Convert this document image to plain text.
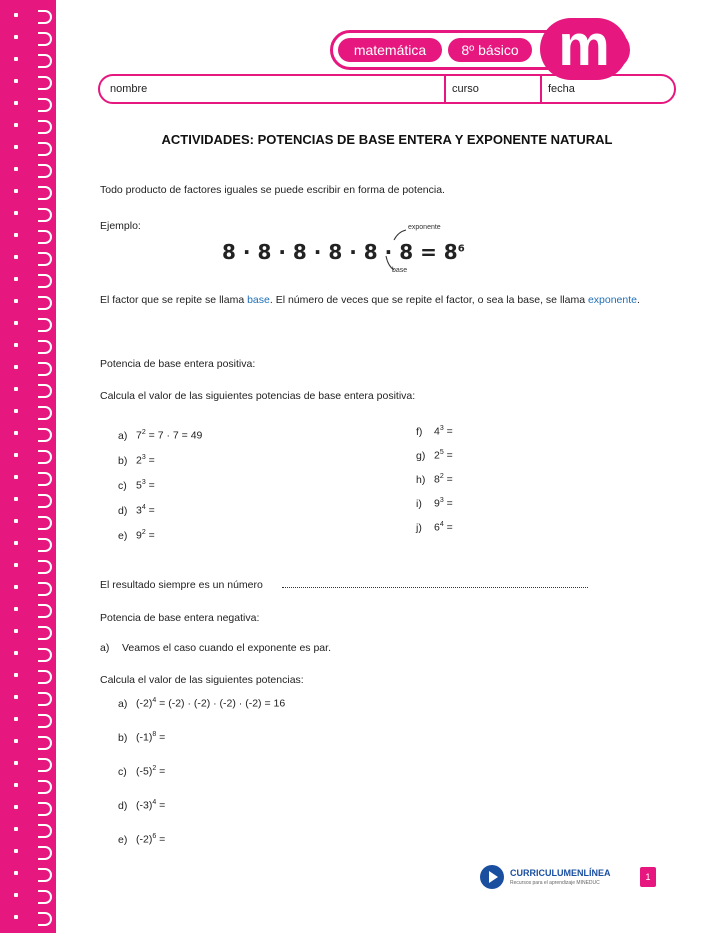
matemática	8º básico m
nombre	curso	fecha
ACTIVIDADES: POTENCIAS DE BASE ENTERA Y EXPONENTE NATURAL
Todo producto de factores iguales se puede escribir en forma de potencia.
Ejemplo:
$8 \cdot 8 \cdot 8 \cdot 8 \cdot 8 \cdot 8 = 8^6$
exponente
base
El factor que se repite se llama base. El número de veces que se repite el factor, o sea la base, se llama exponente.
Potencia de base entera positiva:
Calcula el valor de las siguientes potencias de base entera positiva:
a) $7^2 = 7 \cdot 7 = 49$
b) $2^3$ =
c) $5^3$ =
d) $3^4$ =
e) $9^2$ =
f) $4^3$ =
g) $2^5$ =
h) $8^2$ =
i) $9^3$ =
j) $6^4$ =
El resultado siempre es un número
Potencia de base entera negativa:
a) Veamos el caso cuando el exponente es par.
Calcula el valor de las siguientes potencias:
a) $(-2)^4 = (-2) \cdot (-2) \cdot (-2) \cdot (-2) = 16$
b) $(-1)^8$ =
c) $(-5)^2$ =
d) $(-3)^4$ =
e) $(-2)^6$ =
CURRICULUMENLÍNEA
Recursos para el aprendizaje MINEDUC
1
